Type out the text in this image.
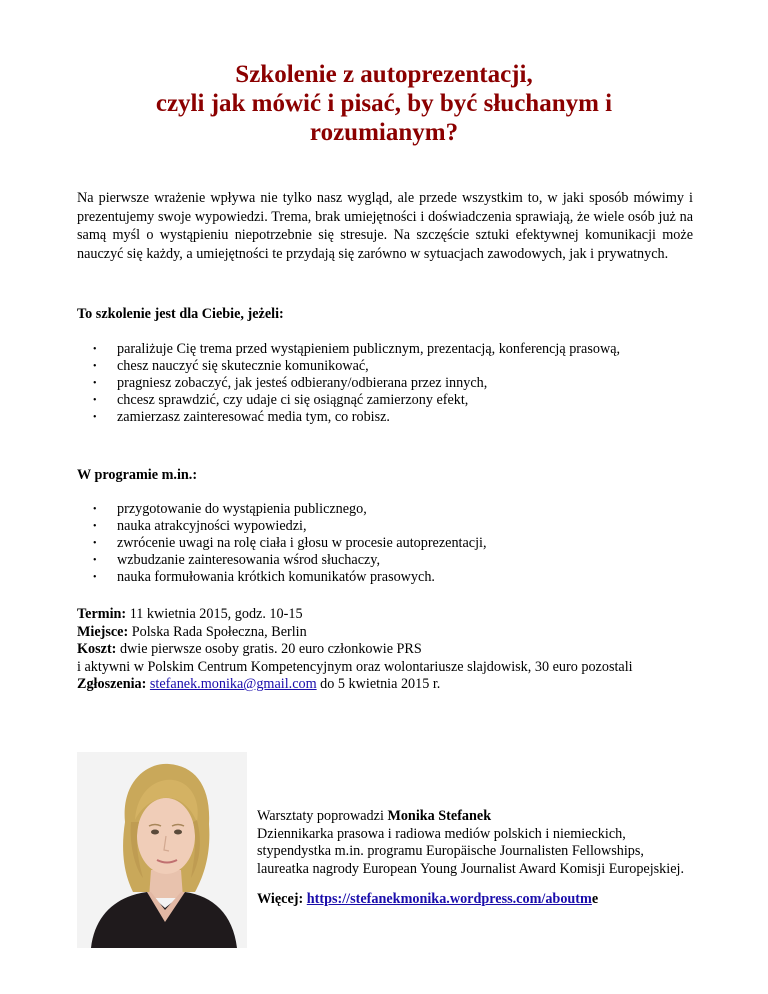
Szkolenie z autoprezentacji,
czyli jak mówić i pisać, by być słuchanym i
rozumianym?
Na pierwsze wrażenie wpływa nie tylko nasz wygląd, ale przede wszystkim to, w jaki sposób mówimy i prezentujemy swoje wypowiedzi. Trema, brak umiejętności i doświadczenia sprawiają, że wiele osób już na samą myśl o wystąpieniu niepotrzebnie się stresuje. Na szczęście sztuki efektywnej komunikacji może nauczyć się każdy, a umiejętności te przydają się zarówno w sytuacjach zawodowych, jak i prywatnych.
To szkolenie jest dla Ciebie, jeżeli:
• paraliżuje Cię trema przed wystąpieniem publicznym, prezentacją, konferencją prasową,
• chesz nauczyć się skutecznie komunikować,
• pragniesz zobaczyć, jak jesteś odbierany/odbierana przez innych,
• chcesz sprawdzić, czy udaje ci się osiągnąć zamierzony efekt,
• zamierzasz zainteresować media tym, co robisz.
W programie m.in.:
• przygotowanie do wystąpienia publicznego,
• nauka atrakcyjności wypowiedzi,
• zwrócenie uwagi na rolę ciała i głosu w procesie autoprezentacji,
• wzbudzanie zainteresowania wśrod słuchaczy,
• nauka formułowania krótkich komunikatów prasowych.
Termin: 11 kwietnia 2015, godz. 10-15
Miejsce: Polska Rada Społeczna, Berlin
Koszt: dwie pierwsze osoby gratis. 20 euro członkowie PRS
i aktywni w Polskim Centrum Kompetencyjnym oraz wolontariusze slajdowisk, 30 euro pozostali
Zgłoszenia: stefanek.monika@gmail.com do 5 kwietnia 2015 r.
Warsztaty poprowadzi Monika Stefanek
Dziennikarka prasowa i radiowa mediów polskich i niemieckich, stypendystka m.in. programu Europäische Journalisten Fellowships, laureatka nagrody European Young Journalist Award Komisji Europejskiej.
Więcej: https://stefanekmonika.wordpress.com/aboutme
